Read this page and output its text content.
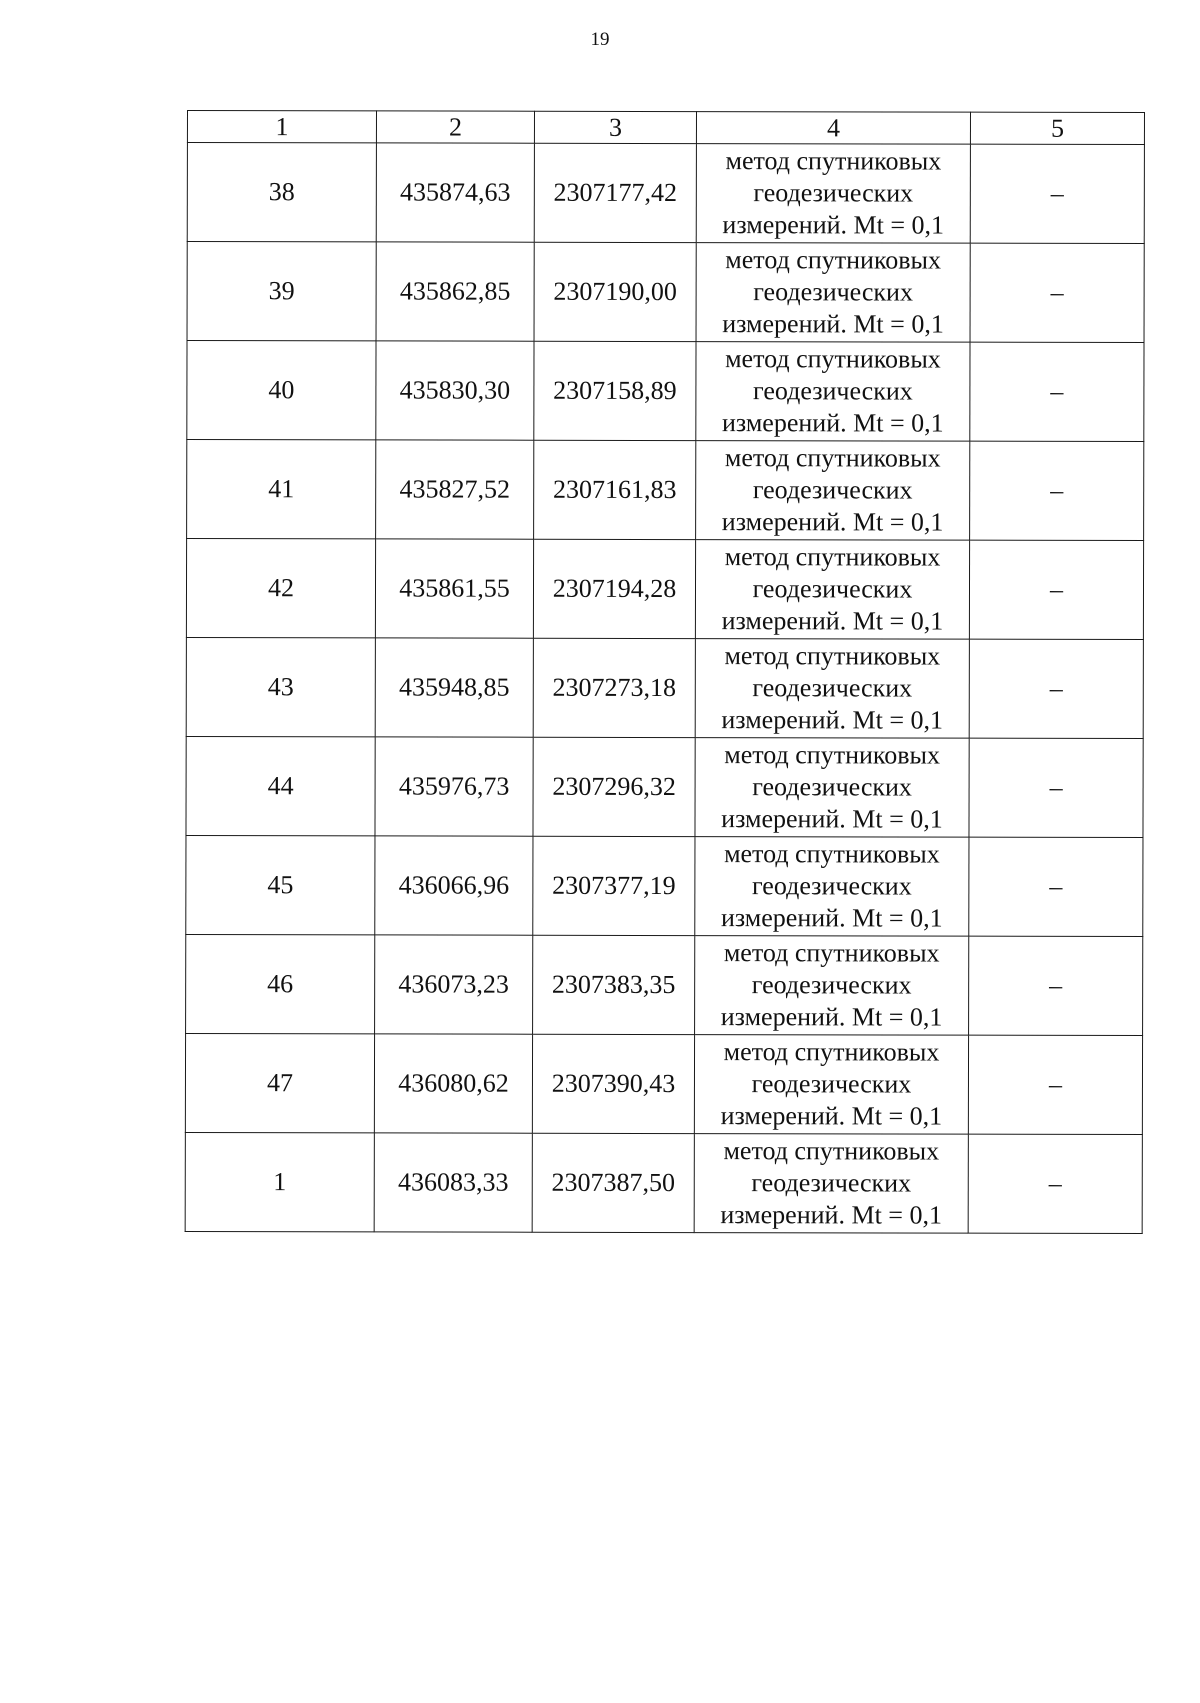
19
1	2	3	4	5
38	435874,63	2307177,42	метод спутниковых
геодезических
измерений. Mt = 0,1	–
39	435862,85	2307190,00	метод спутниковых
геодезических
измерений. Mt = 0,1	–
40	435830,30	2307158,89	метод спутниковых
геодезических
измерений. Mt = 0,1	–
41	435827,52	2307161,83	метод спутниковых
геодезических
измерений. Mt = 0,1	–
42	435861,55	2307194,28	метод спутниковых
геодезических
измерений. Mt = 0,1	–
43	435948,85	2307273,18	метод спутниковых
геодезических
измерений. Mt = 0,1	–
44	435976,73	2307296,32	метод спутниковых
геодезических
измерений. Mt = 0,1	–
45	436066,96	2307377,19	метод спутниковых
геодезических
измерений. Mt = 0,1	–
46	436073,23	2307383,35	метод спутниковых
геодезических
измерений. Mt = 0,1	–
47	436080,62	2307390,43	метод спутниковых
геодезических
измерений. Mt = 0,1	–
1	436083,33	2307387,50	метод спутниковых
геодезических
измерений. Mt = 0,1	–
